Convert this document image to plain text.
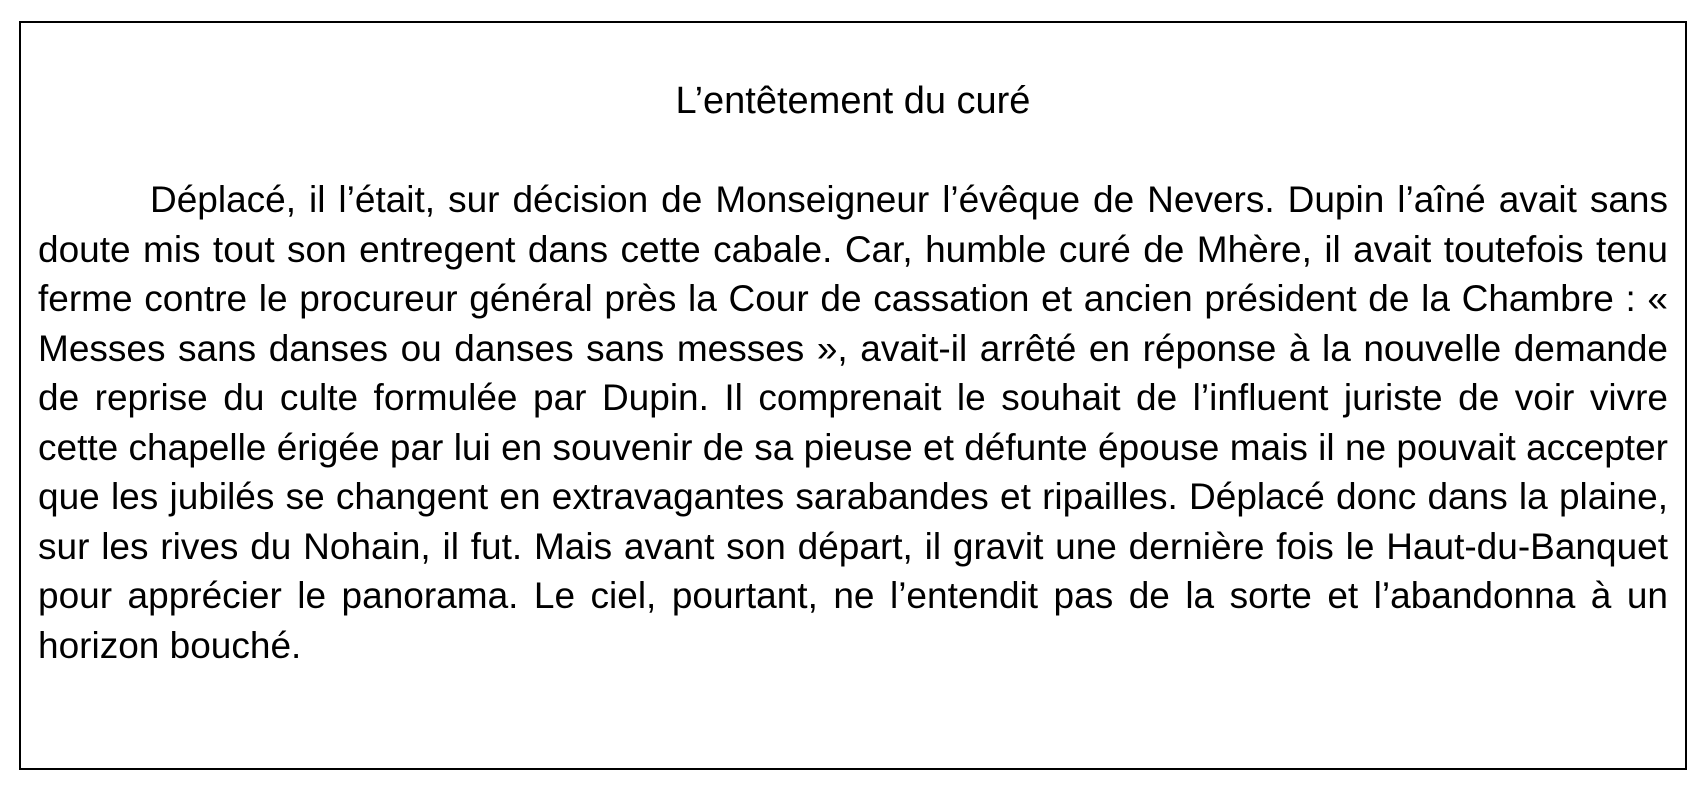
L’entêtement du curé

Déplacé, il l’était, sur décision de Monseigneur l’évêque de Nevers. Dupin l’aîné avait sans doute mis tout son entregent dans cette cabale. Car, humble curé de Mhère, il avait toutefois tenu ferme contre le procureur général près la Cour de cassation et ancien président de la Chambre : « Messes sans danses ou danses sans messes », avait-il arrêté en réponse à la nouvelle demande de reprise du culte formulée par Dupin. Il comprenait le souhait de l’influent juriste de voir vivre cette chapelle érigée par lui en souvenir de sa pieuse et défunte épouse mais il ne pouvait accepter que les jubilés se changent en extravagantes sarabandes et ripailles. Déplacé donc dans la plaine, sur les rives du Nohain, il fut. Mais avant son départ, il gravit une dernière fois le Haut-du-Banquet pour apprécier le panorama. Le ciel, pourtant, ne l’entendit pas de la sorte et l’abandonna à un horizon bouché.
